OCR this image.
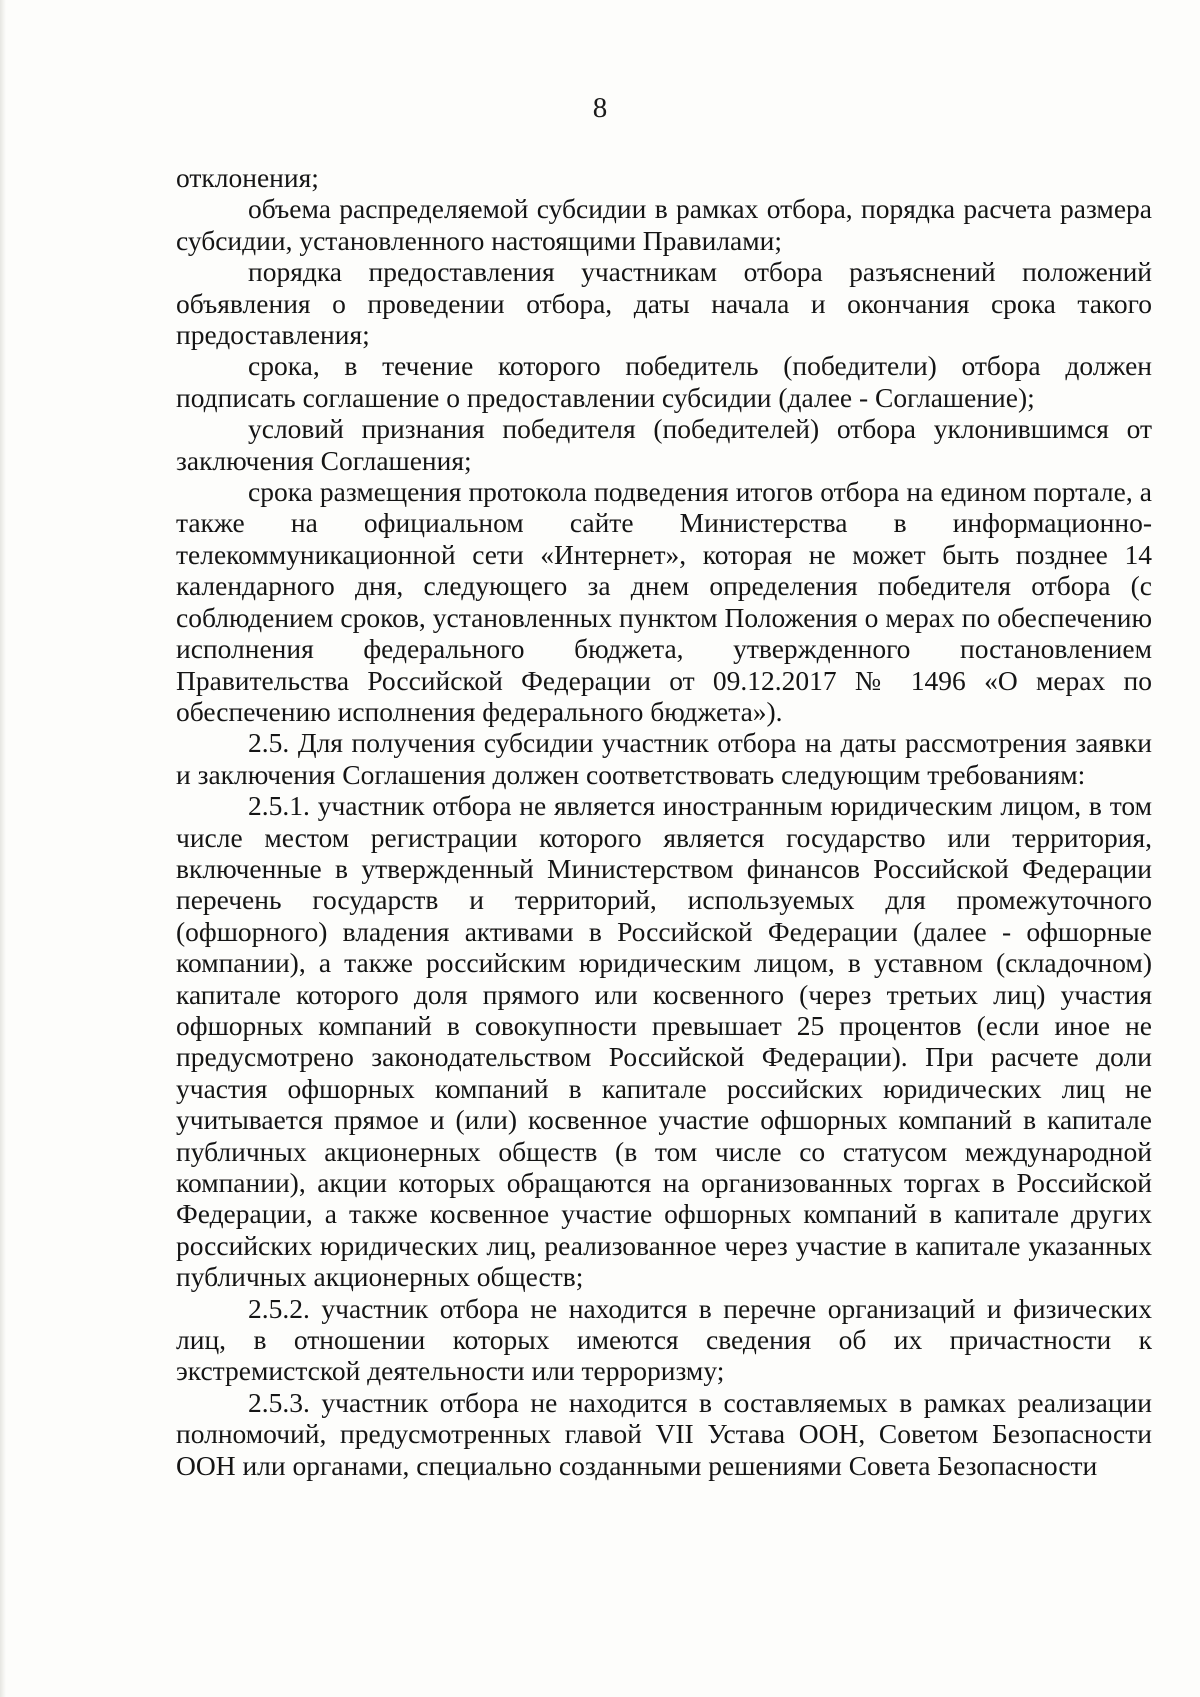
8

отклонения;

объема распределяемой субсидии в рамках отбора, порядка расчета размера субсидии, установленного настоящими Правилами;

порядка предоставления участникам отбора разъяснений положений объявления о проведении отбора, даты начала и окончания срока такого предоставления;

срока, в течение которого победитель (победители) отбора должен подписать соглашение о предоставлении субсидии (далее - Соглашение);

условий признания победителя (победителей) отбора уклонившимся от заключения Соглашения;

срока размещения протокола подведения итогов отбора на едином портале, а также на официальном сайте Министерства в информационно-телекоммуникационной сети «Интернет», которая не может быть позднее 14 календарного дня, следующего за днем определения победителя отбора (с соблюдением сроков, установленных пунктом Положения о мерах по обеспечению исполнения федерального бюджета, утвержденного постановлением Правительства Российской Федерации от 09.12.2017 № 1496 «О мерах по обеспечению исполнения федерального бюджета»).

2.5. Для получения субсидии участник отбора на даты рассмотрения заявки и заключения Соглашения должен соответствовать следующим требованиям:

2.5.1. участник отбора не является иностранным юридическим лицом, в том числе местом регистрации которого является государство или территория, включенные в утвержденный Министерством финансов Российской Федерации перечень государств и территорий, используемых для промежуточного (офшорного) владения активами в Российской Федерации (далее - офшорные компании), а также российским юридическим лицом, в уставном (складочном) капитале которого доля прямого или косвенного (через третьих лиц) участия офшорных компаний в совокупности превышает 25 процентов (если иное не предусмотрено законодательством Российской Федерации). При расчете доли участия офшорных компаний в капитале российских юридических лиц не учитывается прямое и (или) косвенное участие офшорных компаний в капитале публичных акционерных обществ (в том числе со статусом международной компании), акции которых обращаются на организованных торгах в Российской Федерации, а также косвенное участие офшорных компаний в капитале других российских юридических лиц, реализованное через участие в капитале указанных публичных акционерных обществ;

2.5.2. участник отбора не находится в перечне организаций и физических лиц, в отношении которых имеются сведения об их причастности к экстремистской деятельности или терроризму;

2.5.3. участник отбора не находится в составляемых в рамках реализации полномочий, предусмотренных главой VII Устава ООН, Советом Безопасности ООН или органами, специально созданными решениями Совета Безопасности
